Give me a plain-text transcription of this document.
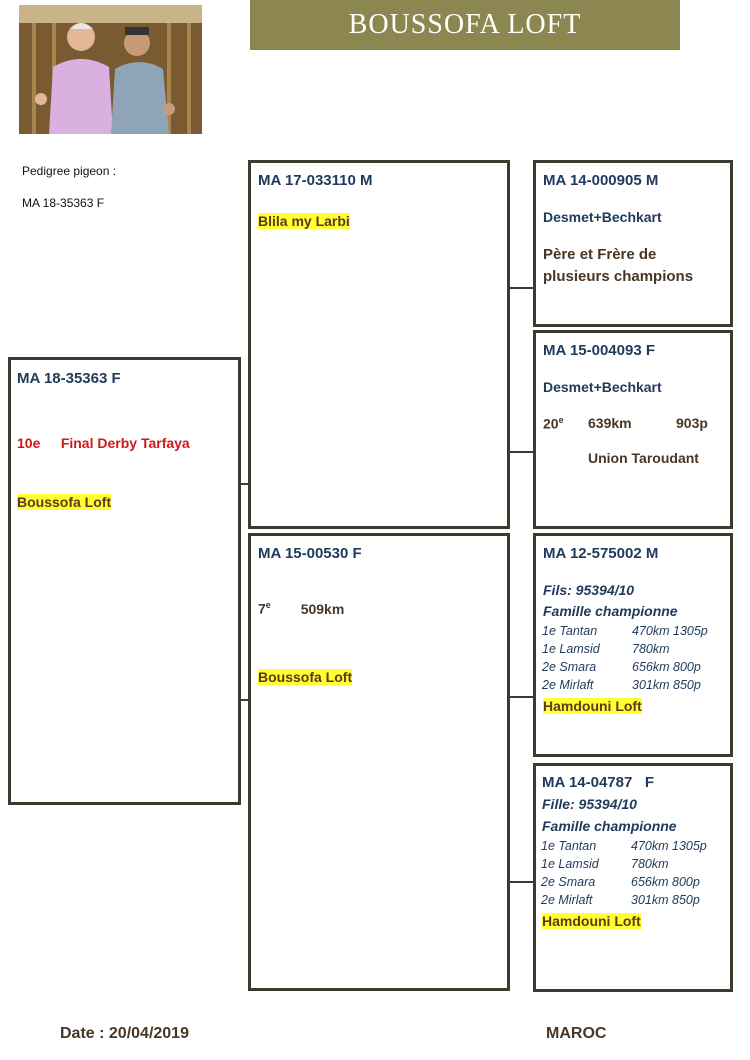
BOUSSOFA LOFT
Pedigree pigeon :
MA 18-35363 F
MA 18-35363 F
10e Final Derby Tarfaya
Boussofa Loft
MA 17-033110 M
Blila my Larbi
MA 15-00530 F
7e 509km
Boussofa Loft
MA 14-000905 M
Desmet+Bechkart
Père et Frère de
plusieurs champions
MA 15-004093 F
Desmet+Bechkart
20e 639km	903p
Union Taroudant
MA 12-575002 M
Fils: 95394/10
Famille championne
1e Tantan	470km 1305p
1e Lamsid	780km
2e Smara	656km 800p
2e Mirlaft	301km 850p
Hamdouni Loft
MA 14-04787   F
Fille: 95394/10
Famille championne
1e Tantan	470km 1305p
1e Lamsid	780km
2e Smara	656km 800p
2e Mirlaft	301km 850p
Hamdouni Loft
Date : 20/04/2019	MAROC
